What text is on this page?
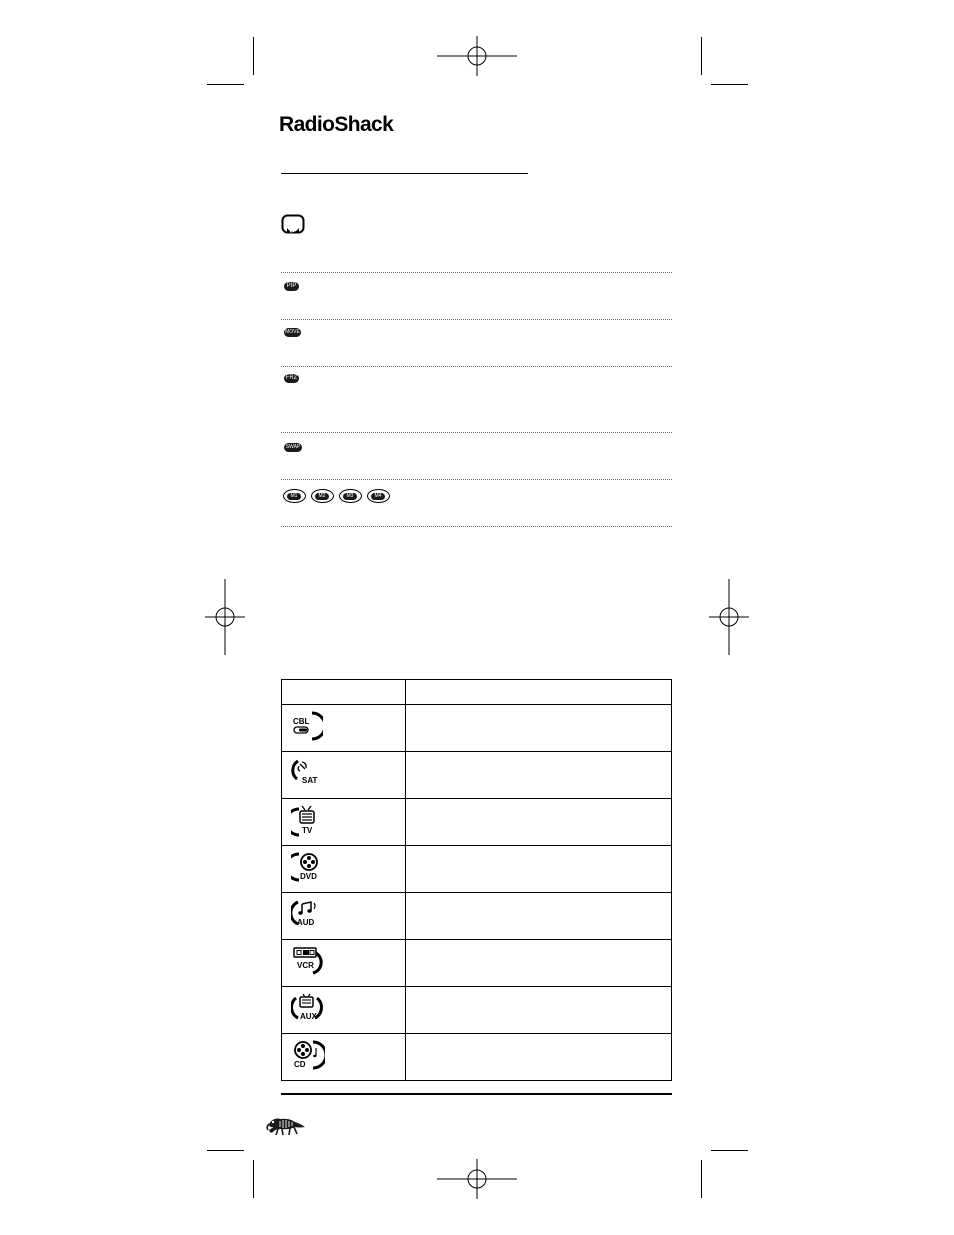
RadioShack
PIP
MOVE
FRZ
SWAP
M1	M2	M3	M4

CBL	

SAT	

TV	

DVD	

AUD	

VCR	

AUX	

CD	
